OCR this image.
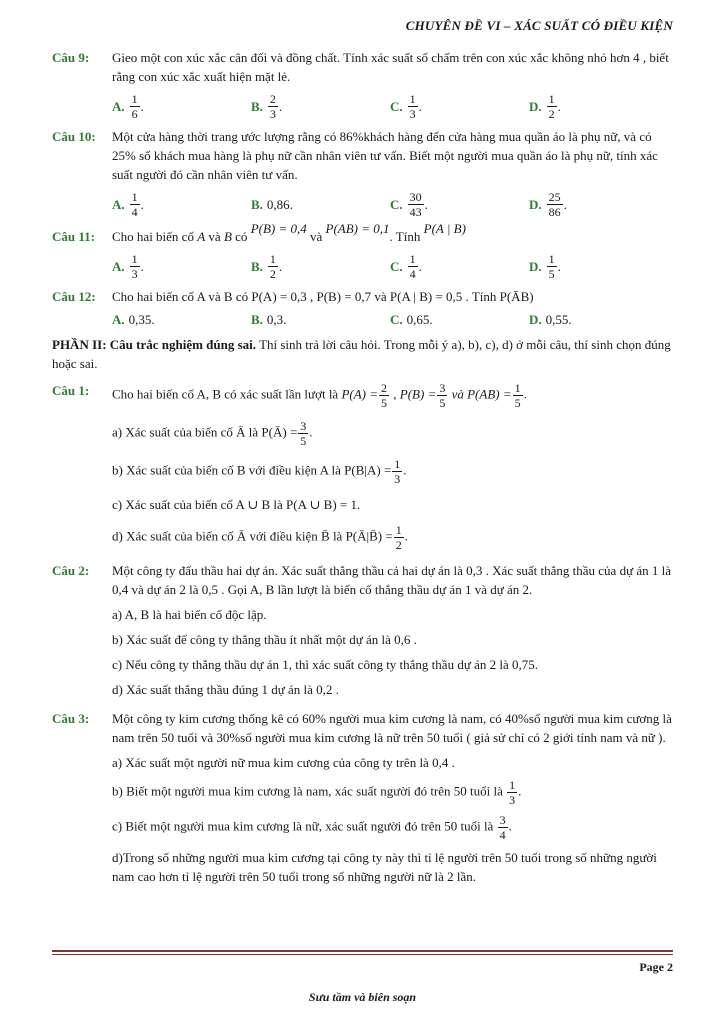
CHUYÊN ĐỀ VI – XÁC SUẤT CÓ ĐIỀU KIỆN
Câu 9:	Gieo một con xúc xắc cân đối và đồng chất. Tính xác suất số chấm trên con xúc xắc không nhỏ hơn 4 , biết rằng con xúc xắc xuất hiện mặt lẻ.
A. $\frac{1}{6}$ .	B. $\frac{2}{3}$ .	C. $\frac{1}{3}$ .	D. $\frac{1}{2}$ .
Câu 10:	Một cửa hàng thời trang ước lượng rằng có 86%khách hàng đến cửa hàng mua quần áo là phụ nữ, và có 25% số khách mua hàng là phụ nữ cần nhân viên tư vấn. Biết một người mua quần áo là phụ nữ, tính xác suất người đó cần nhân viên tư vấn.
A. $\frac{1}{4}$ .	B. 0,86 .	C. $\frac{30}{43}$ .	D. $\frac{25}{86}$ .
Câu 11:	Cho hai biến cố A và B có P(B) = 0,4 và P(AB) = 0,1. Tính P(A | B)
A. $\frac{1}{3}$ .	B. $\frac{1}{2}$ .	C. $\frac{1}{4}$ .	D. $\frac{1}{5}$ .
Câu 12:	Cho hai biến cố A và B có P(A) = 0,3 , P(B) = 0,7 và P(A | B) = 0,5 . Tính P(ĀB)
A. 0,35 .	B. 0,3 .	C. 0,65 .	D. 0,55 .
PHẦN II: Câu trắc nghiệm đúng sai. Thí sinh trả lời câu hỏi. Trong mỗi ý a), b), c), d) ở mỗi câu, thí sinh chọn đúng hoặc sai.
Câu 1:	Cho hai biến cố A, B có xác suất lần lượt là $P(A) = \frac{2}{5}$ , $P(B) = \frac{3}{5}$ và $P(AB) = \frac{1}{5}$ .
a) Xác suất của biến cố Ā là P(Ā) = $\frac{3}{5}$ .
b) Xác suất của biến cố B với điều kiện A là $P(B|A) = \frac{1}{3}$ .
c) Xác suất của biến cố A ∪ B là P(A ∪ B) = 1.
d) Xác suất của biến cố Ā với điều kiện B̄ là P(Ā|B̄) = $\frac{1}{2}$ .
Câu 2:	Một công ty đấu thầu hai dự án. Xác suất thắng thầu cả hai dự án là 0,3 . Xác suất thắng thầu của dự án 1 là 0,4 và dự án 2 là 0,5 . Gọi A, B lần lượt là biến cố thắng thầu dự án 1 và dự án 2.
a) A, B là hai biến cố độc lập.
b) Xác suất để công ty thắng thầu ít nhất một dự án là 0,6 .
c) Nếu công ty thắng thầu dự án 1, thì xác suất công ty thắng thầu dự án 2 là 0,75.
d) Xác suất thắng thầu đúng 1 dự án là 0,2 .
Câu 3:	Một công ty kim cương thống kê có 60% người mua kim cương là nam, có 40%số người mua kim cương là nam trên 50 tuổi và 30%số người mua kim cương là nữ trên 50 tuổi ( giả sử chỉ có 2 giới tính nam và nữ ).
a) Xác suất một người nữ mua kim cương của công ty trên là 0,4 .
b) Biết một người mua kim cương là nam, xác suất người đó trên 50 tuổi là $\frac{1}{3}$ .
c) Biết một người mua kim cương là nữ, xác suất người đó trên 50 tuổi là $\frac{3}{4}$ .
d)Trong số những người mua kim cương tại công ty này thì tỉ lệ người trên 50 tuổi trong số những người nam cao hơn tỉ lệ người trên 50 tuổi trong số những người nữ là 2 lần.
Page 2
Sưu tầm và biên soạn
